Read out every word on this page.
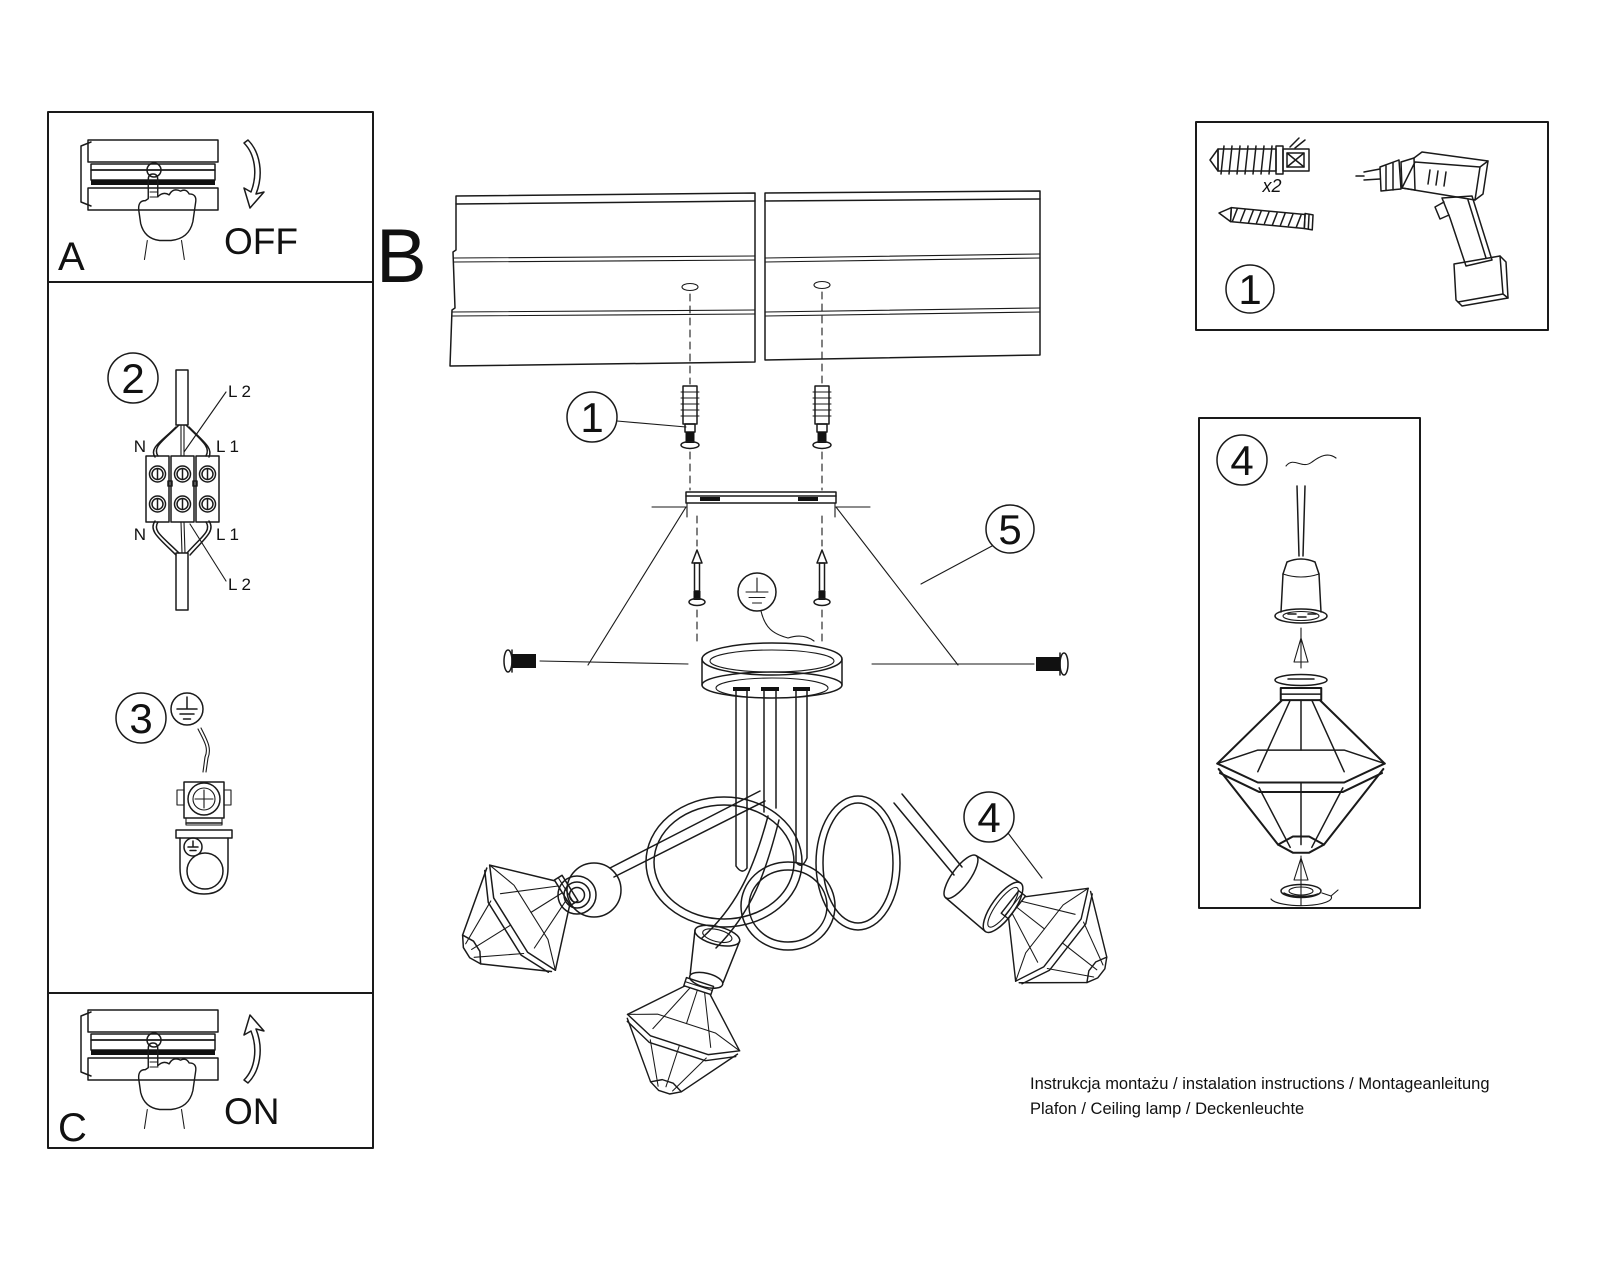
A	OFF
C	ON
2	L 2
N	L 1
N	L 1
L 2
3
B
1
5
4
1
x2
4
Instrukcja montażu / instalation instructions / Montageanleitung
Plafon / Ceiling lamp / Deckenleuchte
